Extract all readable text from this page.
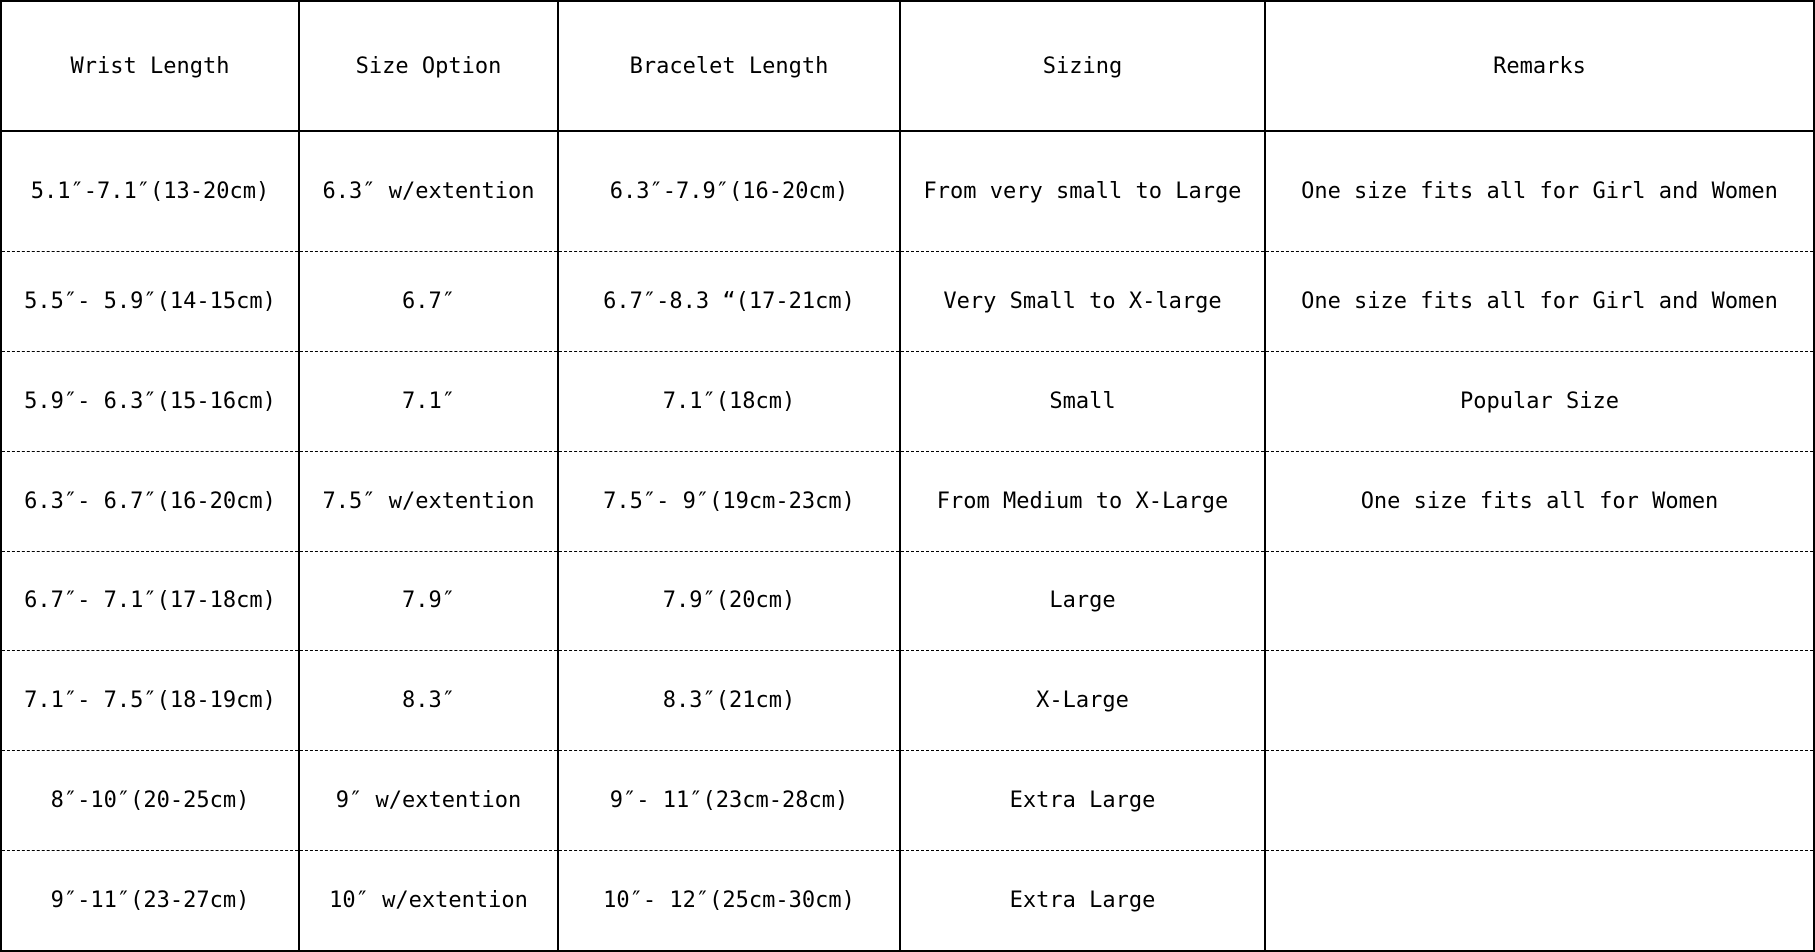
Wrist Length	Size Option	Bracelet Length	Sizing	Remarks
5.1″-7.1″(13-20cm)	6.3″ w/extention	6.3″-7.9″(16-20cm)	From very small to Large	One size fits all for Girl and Women
5.5″- 5.9″(14-15cm)	6.7″	6.7″-8.3 “(17-21cm)	Very Small to X-large	One size fits all for Girl and Women
5.9″- 6.3″(15-16cm)	7.1″	7.1″(18cm)	Small	Popular Size
6.3″- 6.7″(16-20cm)	7.5″ w/extention	7.5″- 9″(19cm-23cm)	From Medium to X-Large	One size fits all for Women
6.7″- 7.1″(17-18cm)	7.9″	7.9″(20cm)	Large	
7.1″- 7.5″(18-19cm)	8.3″	8.3″(21cm)	X-Large	
8″-10″(20-25cm)	9″ w/extention	9″- 11″(23cm-28cm)	Extra Large	
9″-11″(23-27cm)	10″ w/extention	10″- 12″(25cm-30cm)	Extra Large	
